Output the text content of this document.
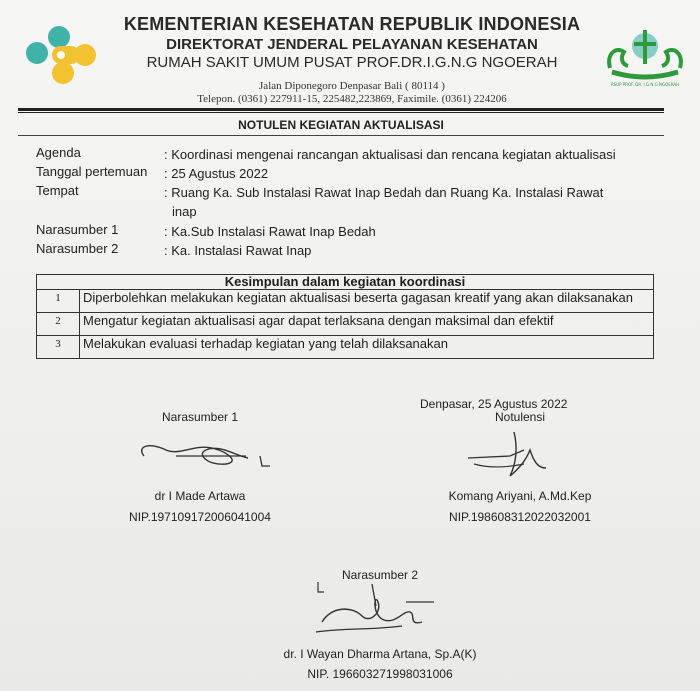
RSUP PROF. DR. I.G.N.G NGOERAH
KEMENTERIAN KESEHATAN REPUBLIK INDONESIA
DIREKTORAT JENDERAL PELAYANAN KESEHATAN
RUMAH SAKIT UMUM PUSAT PROF.DR.I.G.N.G NGOERAH
Jalan Diponegoro Denpasar Bali ( 80114 )
Telepon. (0361) 227911-15, 225482,223869, Faximile. (0361) 224206
NOTULEN KEGIATAN AKTUALISASI
Agenda	: Koordinasi mengenai rancangan aktualisasi dan rencana kegiatan aktualisasi
Tanggal pertemuan : 25 Agustus 2022
Tempat	: Ruang Ka. Sub Instalasi Rawat Inap Bedah dan Ruang Ka. Instalasi Rawat
inap
Narasumber 1	: Ka.Sub Instalasi Rawat Inap Bedah
Narasumber 2	: Ka. Instalasi Rawat Inap
Kesimpulan dalam kegiatan koordinasi	
1	Diperbolehkan melakukan kegiatan aktualisasi beserta gagasan kreatif yang akan dilaksanakan
2	Mengatur kegiatan aktualisasi agar dapat terlaksana dengan maksimal dan efektif
3	Melakukan evaluasi terhadap kegiatan yang telah dilaksanakan
Denpasar, 25 Agustus 2022
Narasumber 1	Notulensi
dr I Made Artawa
NIP.197109172006041004
Komang Ariyani, A.Md.Kep
NIP.198608312022032001
Narasumber 2
dr. I Wayan Dharma Artana, Sp.A(K)
NIP. 196603271998031006
